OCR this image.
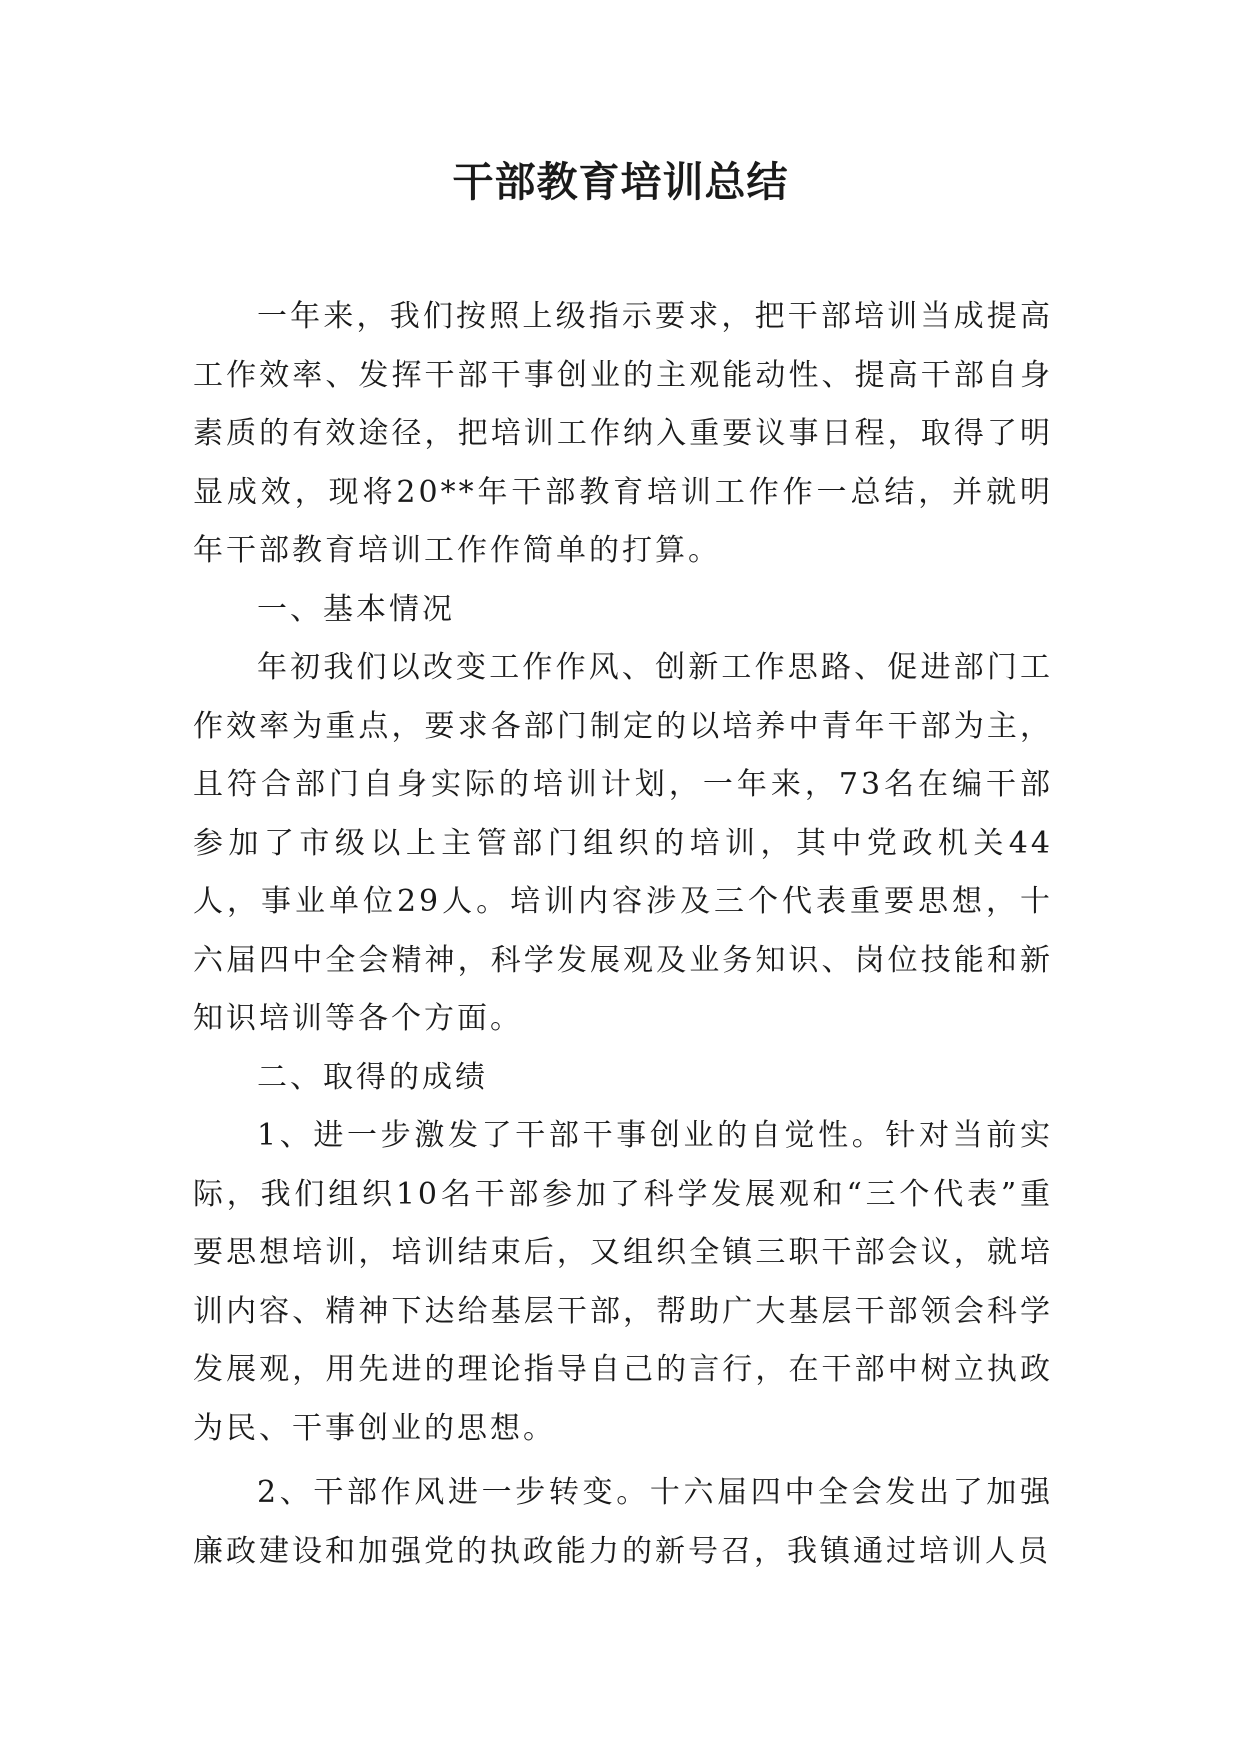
干部教育培训总结

一年来，我们按照上级指示要求，把干部培训当成提高工作效率、发挥干部干事创业的主观能动性、提高干部自身素质的有效途径，把培训工作纳入重要议事日程，取得了明显成效，现将20**年干部教育培训工作作一总结，并就明年干部教育培训工作作简单的打算。

一、基本情况

年初我们以改变工作作风、创新工作思路、促进部门工作效率为重点，要求各部门制定的以培养中青年干部为主，且符合部门自身实际的培训计划，一年来，73名在编干部参加了市级以上主管部门组织的培训，其中党政机关44人，事业单位29人。培训内容涉及三个代表重要思想，十六届四中全会精神，科学发展观及业务知识、岗位技能和新知识培训等各个方面。

二、取得的成绩

1、进一步激发了干部干事创业的自觉性。针对当前实际，我们组织10名干部参加了科学发展观和“三个代表”重要思想培训，培训结束后，又组织全镇三职干部会议，就培训内容、精神下达给基层干部，帮助广大基层干部领会科学发展观，用先进的理论指导自己的言行，在干部中树立执政为民、干事创业的思想。

2、干部作风进一步转变。十六届四中全会发出了加强廉政建设和加强党的执政能力的新号召，我镇通过培训人员
